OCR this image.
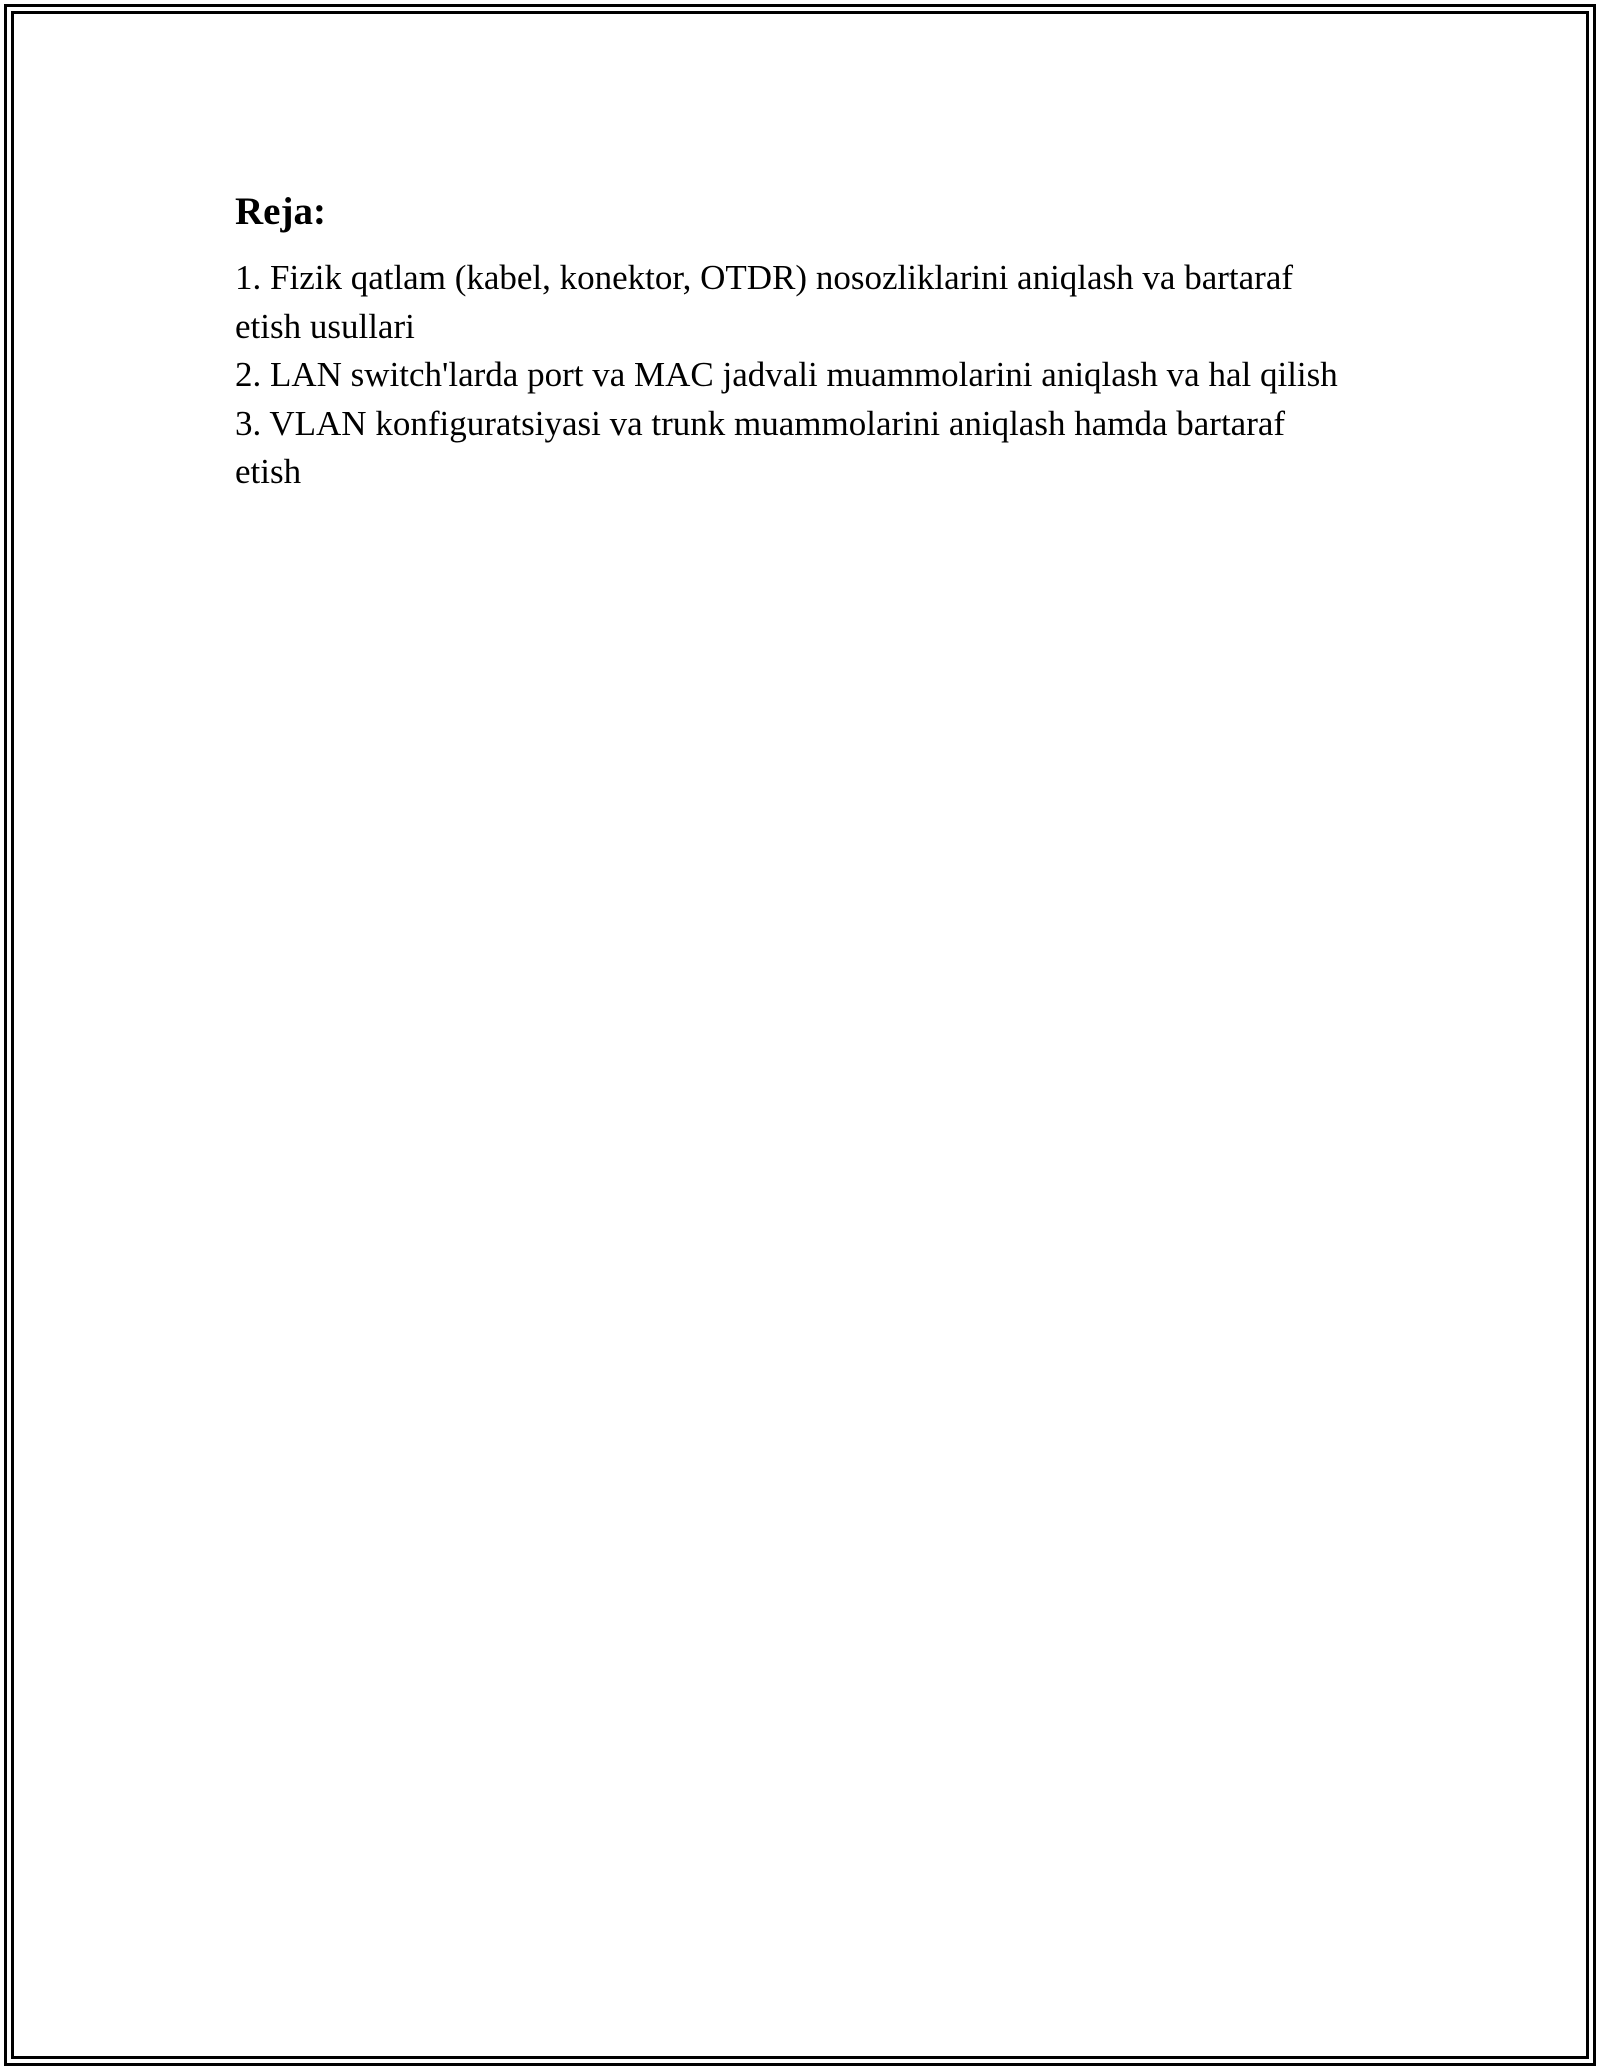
Reja:
1. Fizik qatlam (kabel, konektor, OTDR) nosozliklarini aniqlash va bartaraf etish usullari
2. LAN switch'larda port va MAC jadvali muammolarini aniqlash va hal qilish
3. VLAN konfiguratsiyasi va trunk muammolarini aniqlash hamda bartaraf etish
